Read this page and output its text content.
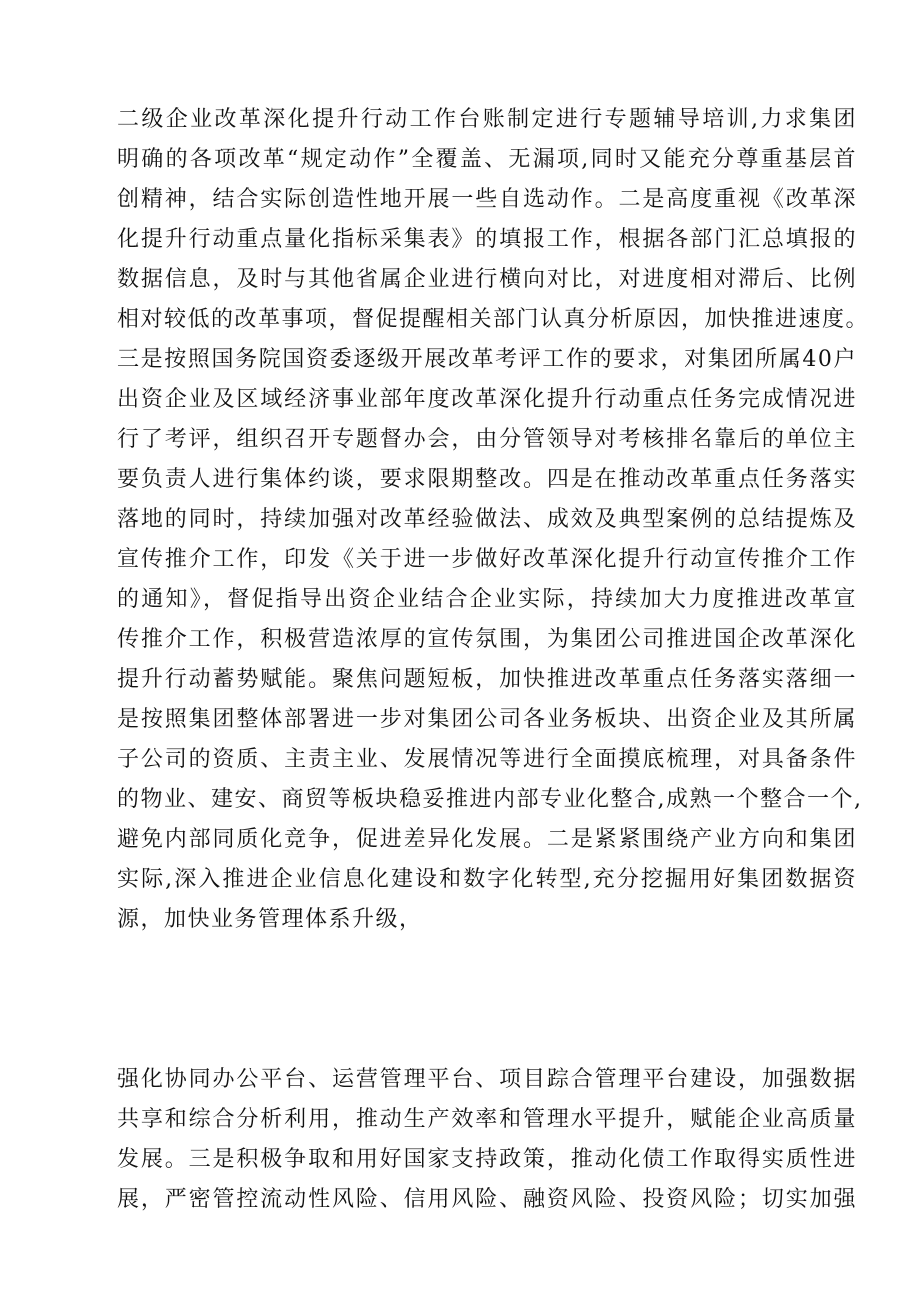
二级企业改革深化提升行动工作台账制定进行专题辅导培训,力求集团
明确的各项改革“规定动作”全覆盖、无漏项,同时又能充分尊重基层首
创精神，结合实际创造性地开展一些自选动作。二是高度重视《改革深
化提升行动重点量化指标采集表》的填报工作，根据各部门汇总填报的
数据信息，及时与其他省属企业进行横向对比，对进度相对滞后、比例
相对较低的改革事项，督促提醒相关部门认真分析原因，加快推进速度。
三是按照国务院国资委逐级开展改革考评工作的要求，对集团所属40户
出资企业及区域经济事业部年度改革深化提升行动重点任务完成情况进
行了考评，组织召开专题督办会，由分管领导对考核排名靠后的单位主
要负责人进行集体约谈，要求限期整改。四是在推动改革重点任务落实
落地的同时，持续加强对改革经验做法、成效及典型案例的总结提炼及
宣传推介工作，印发《关于进一步做好改革深化提升行动宣传推介工作
的通知》，督促指导出资企业结合企业实际，持续加大力度推进改革宣
传推介工作，积极营造浓厚的宣传氛围，为集团公司推进国企改革深化
提升行动蓄势赋能。聚焦问题短板，加快推进改革重点任务落实落细一
是按照集团整体部署进一步对集团公司各业务板块、出资企业及其所属
子公司的资质、主责主业、发展情况等进行全面摸底梳理，对具备条件
的物业、建安、商贸等板块稳妥推进内部专业化整合,成熟一个整合一个,
避免内部同质化竞争，促进差异化发展。二是紧紧围绕产业方向和集团
实际,深入推进企业信息化建设和数字化转型,充分挖掘用好集团数据资
源，加快业务管理体系升级，
强化协同办公平台、运营管理平台、项目踪合管理平台建设，加强数据
共享和综合分析利用，推动生产效率和管理水平提升，赋能企业高质量
发展。三是积极争取和用好国家支持政策，推动化债工作取得实质性进
展，严密管控流动性风险、信用风险、融资风险、投资风险；切实加强
